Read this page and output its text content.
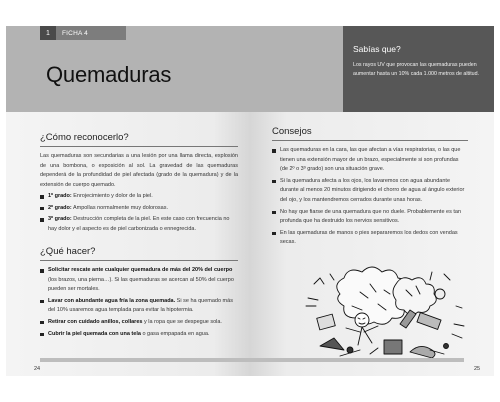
1	FICHA 4
Quemaduras
¿Cómo reconocerlo?
Las quemaduras son secundarias a una lesión por una llama directa, explosión de una bombona, o exposición al sol. La gravedad de las quemaduras dependerá de la profundidad de piel afectada (grado de la quemadura) y de la extensión de cuerpo quemado.
1º grado: Enrojecimiento y dolor de la piel.
2º grado: Ampollas normalmente muy dolorosas.
3º grado: Destrucción completa de la piel. En este caso con frecuencia no hay dolor y el aspecto es de piel carbonizada o ennegrecida.
¿Qué hacer?
Solicitar rescate ante cualquier quemadura de más del 20% del cuerpo (los brazos, una pierna…). Si las quemaduras se acercan al 50% del cuerpo pueden ser mortales.
Lavar con abundante agua fría la zona quemada. Si se ha quemado más del 10% usaremos agua templada para evitar la hipotermia.
Retirar con cuidado anillos, collares y la ropa que se despegue sola.
Cubrir la piel quemada con una tela o gasa empapada en agua.
24
Sabías que?
Los rayos UV que provocan las quemaduras pueden aumentar hasta un 10% cada 1.000 metros de altitud.
Consejos
Las quemaduras en la cara, las que afectan a vías respiratorias, o las que tienen una extensión mayor de un brazo, especialmente si son profundas (de 2º o 3º grado) son una situación grave.
Si la quemadura afecta a los ojos, los lavaremos con agua abundante durante al menos 20 minutos dirigiendo el chorro de agua al ángulo exterior del ojo, y los mantendremos cerrados durante unas horas.
No hay que fiarse de una quemadura que no duele. Probablemente es tan profunda que ha destruido los nervios sensitivos.
En las quemaduras de manos o pies separaremos los dedos con vendas secas.
25
